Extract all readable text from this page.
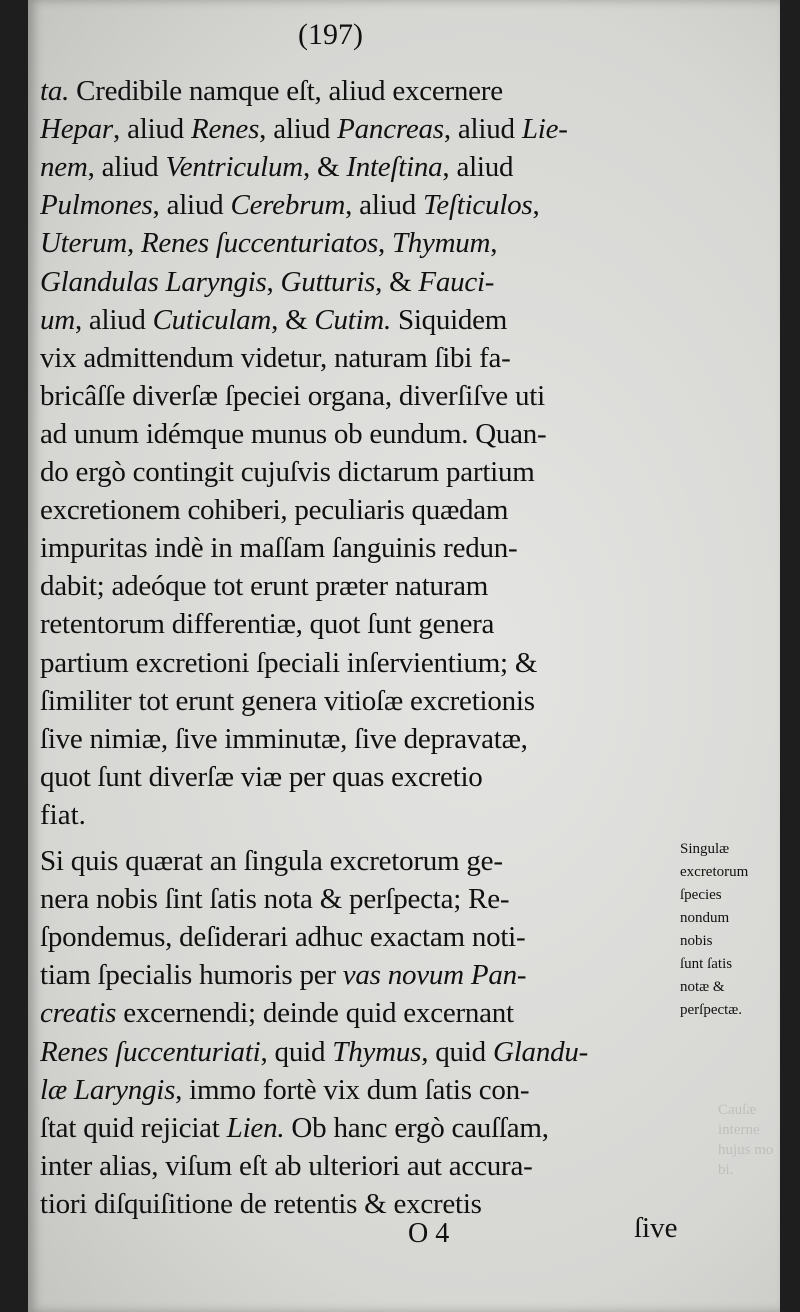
(197)
ta. Credibile namque eſt, aliud excernere
Hepar, aliud Renes, aliud Pancreas, aliud Lie-
nem, aliud Ventriculum, & Inteſtina, aliud
Pulmones, aliud Cerebrum, aliud Teſticulos,
Uterum, Renes ſuccenturiatos, Thymum,
Glandulas Laryngis, Gutturis, & Fauci-
um, aliud Cuticulam, & Cutim. Siquidem
vix admittendum videtur, naturam ſibi fa-
bricâſſe diverſæ ſpeciei organa, diverſiſve uti
ad unum idémque munus ob eundum. Quan-
do ergò contingit cujuſvis dictarum partium
excretionem cohiberi, peculiaris quædam
impuritas indè in maſſam ſanguinis redun-
dabit; adeóque tot erunt præter naturam
retentorum differentiæ, quot ſunt genera
partium excretioni ſpeciali inſervientium; &
ſimiliter tot erunt genera vitioſæ excretionis
ſive nimiæ, ſive imminutæ, ſive depravatæ,
quot ſunt diverſæ viæ per quas excretio
fiat.
Si quis quærat an ſingula excretorum ge-
nera nobis ſint ſatis nota & perſpecta; Re-
ſpondemus, deſiderari adhuc exactam noti-
tiam ſpecialis humoris per vas novum Pan-
creatis excernendi; deinde quid excernant
Renes ſuccenturiati, quid Thymus, quid Glandu-
læ Laryngis, immo fortè vix dum ſatis con-
ſtat quid rejiciat Lien. Ob hanc ergò cauſſam,
inter alias, viſum eſt ab ulteriori aut accura-
tiori diſquiſitione de retentis & excretis
Singulæ
excretorum
ſpecies
nondum
nobis
ſunt ſatis
notæ &
perſpectæ.
Cauſæ
interne
hujus mo
bi.
O 4	ſive
